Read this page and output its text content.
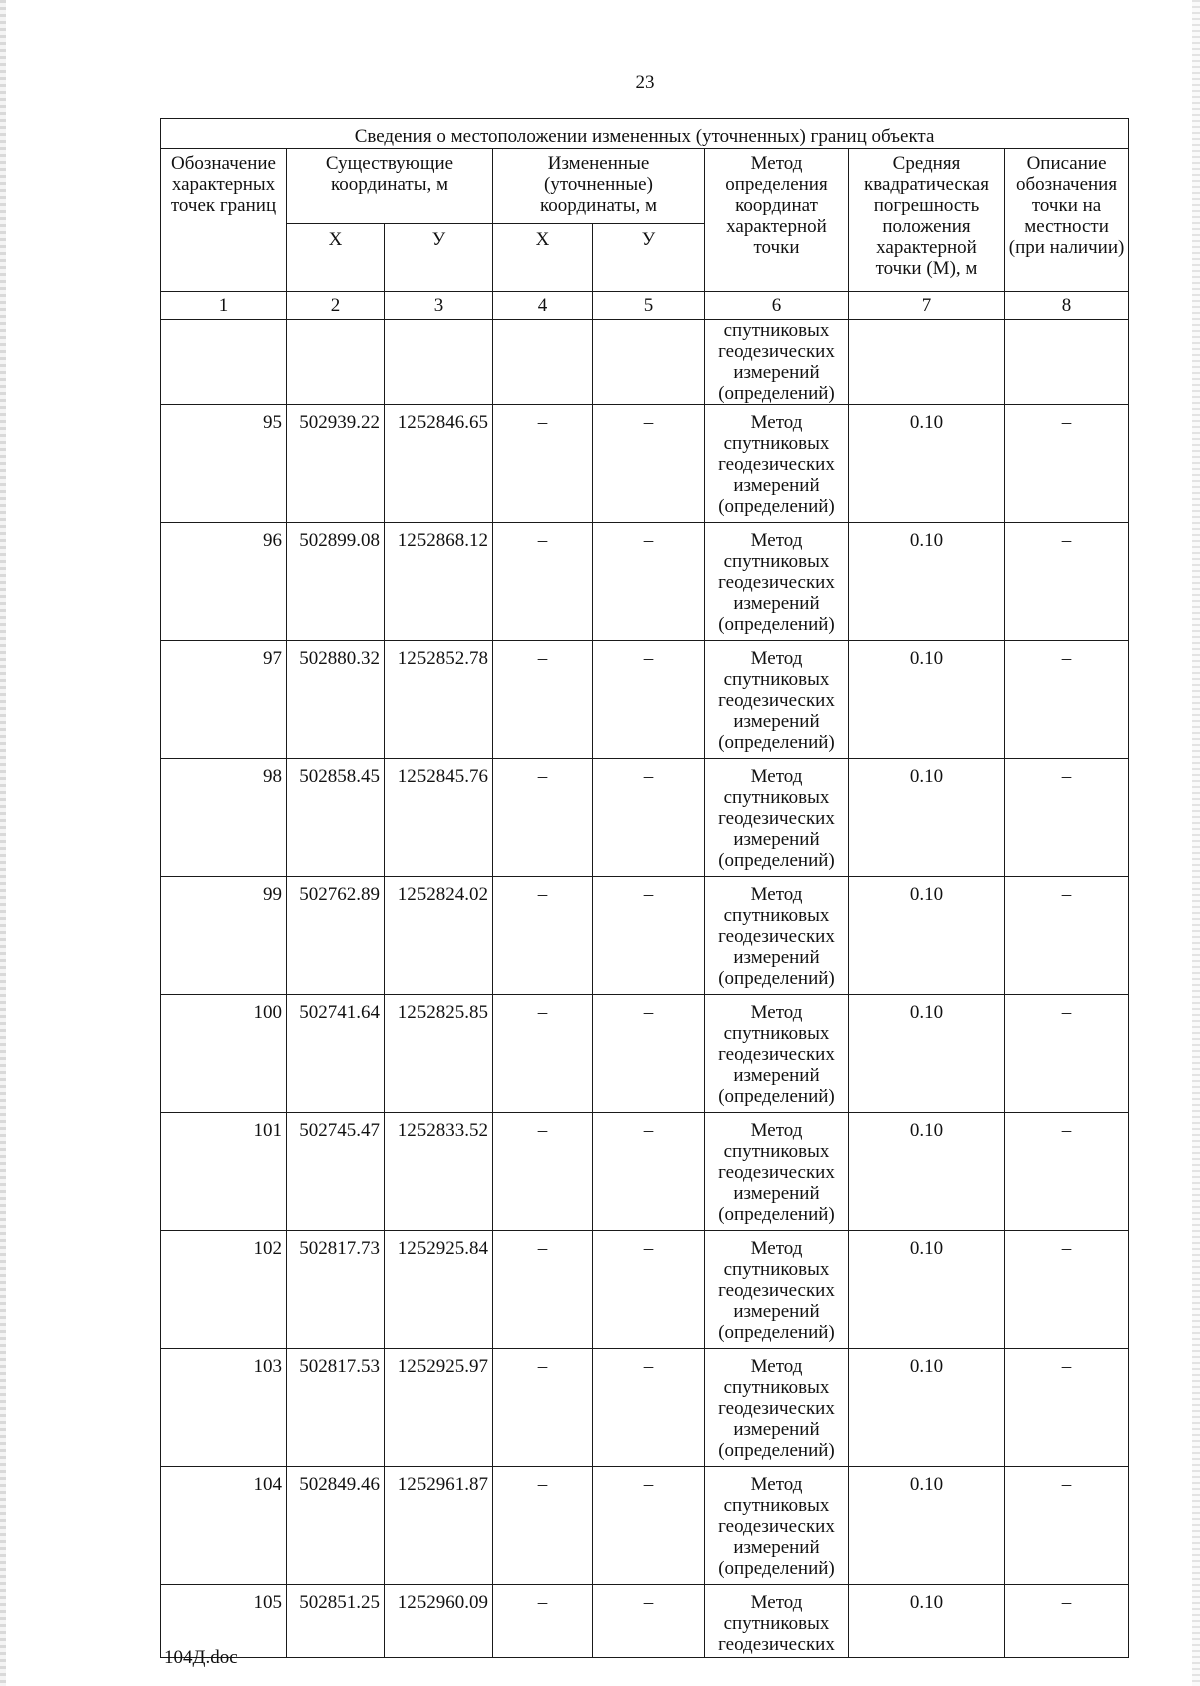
23
Сведения о местоположении измененных (уточненных) границ объекта							
Обозначение характерных точек границ	Существующие координаты, м		Измененные (уточненные) координаты, м		Метод определения координат характерной точки	Средняя квадратическая погрешность положения характерной точки (M), м	Описание обозначения точки на местности (при наличии)
	X	У	X	У			
1	2	3	4	5	6	7	8
					спутниковых геодезических измерений (определений)		
95	502939.22	1252846.65	–	–	Метод спутниковых геодезических измерений (определений)	0.10	–
96	502899.08	1252868.12	–	–	Метод спутниковых геодезических измерений (определений)	0.10	–
97	502880.32	1252852.78	–	–	Метод спутниковых геодезических измерений (определений)	0.10	–
98	502858.45	1252845.76	–	–	Метод спутниковых геодезических измерений (определений)	0.10	–
99	502762.89	1252824.02	–	–	Метод спутниковых геодезических измерений (определений)	0.10	–
100	502741.64	1252825.85	–	–	Метод спутниковых геодезических измерений (определений)	0.10	–
101	502745.47	1252833.52	–	–	Метод спутниковых геодезических измерений (определений)	0.10	–
102	502817.73	1252925.84	–	–	Метод спутниковых геодезических измерений (определений)	0.10	–
103	502817.53	1252925.97	–	–	Метод спутниковых геодезических измерений (определений)	0.10	–
104	502849.46	1252961.87	–	–	Метод спутниковых геодезических измерений (определений)	0.10	–
105	502851.25	1252960.09	–	–	Метод спутниковых геодезических	0.10	–
104Д.doc
